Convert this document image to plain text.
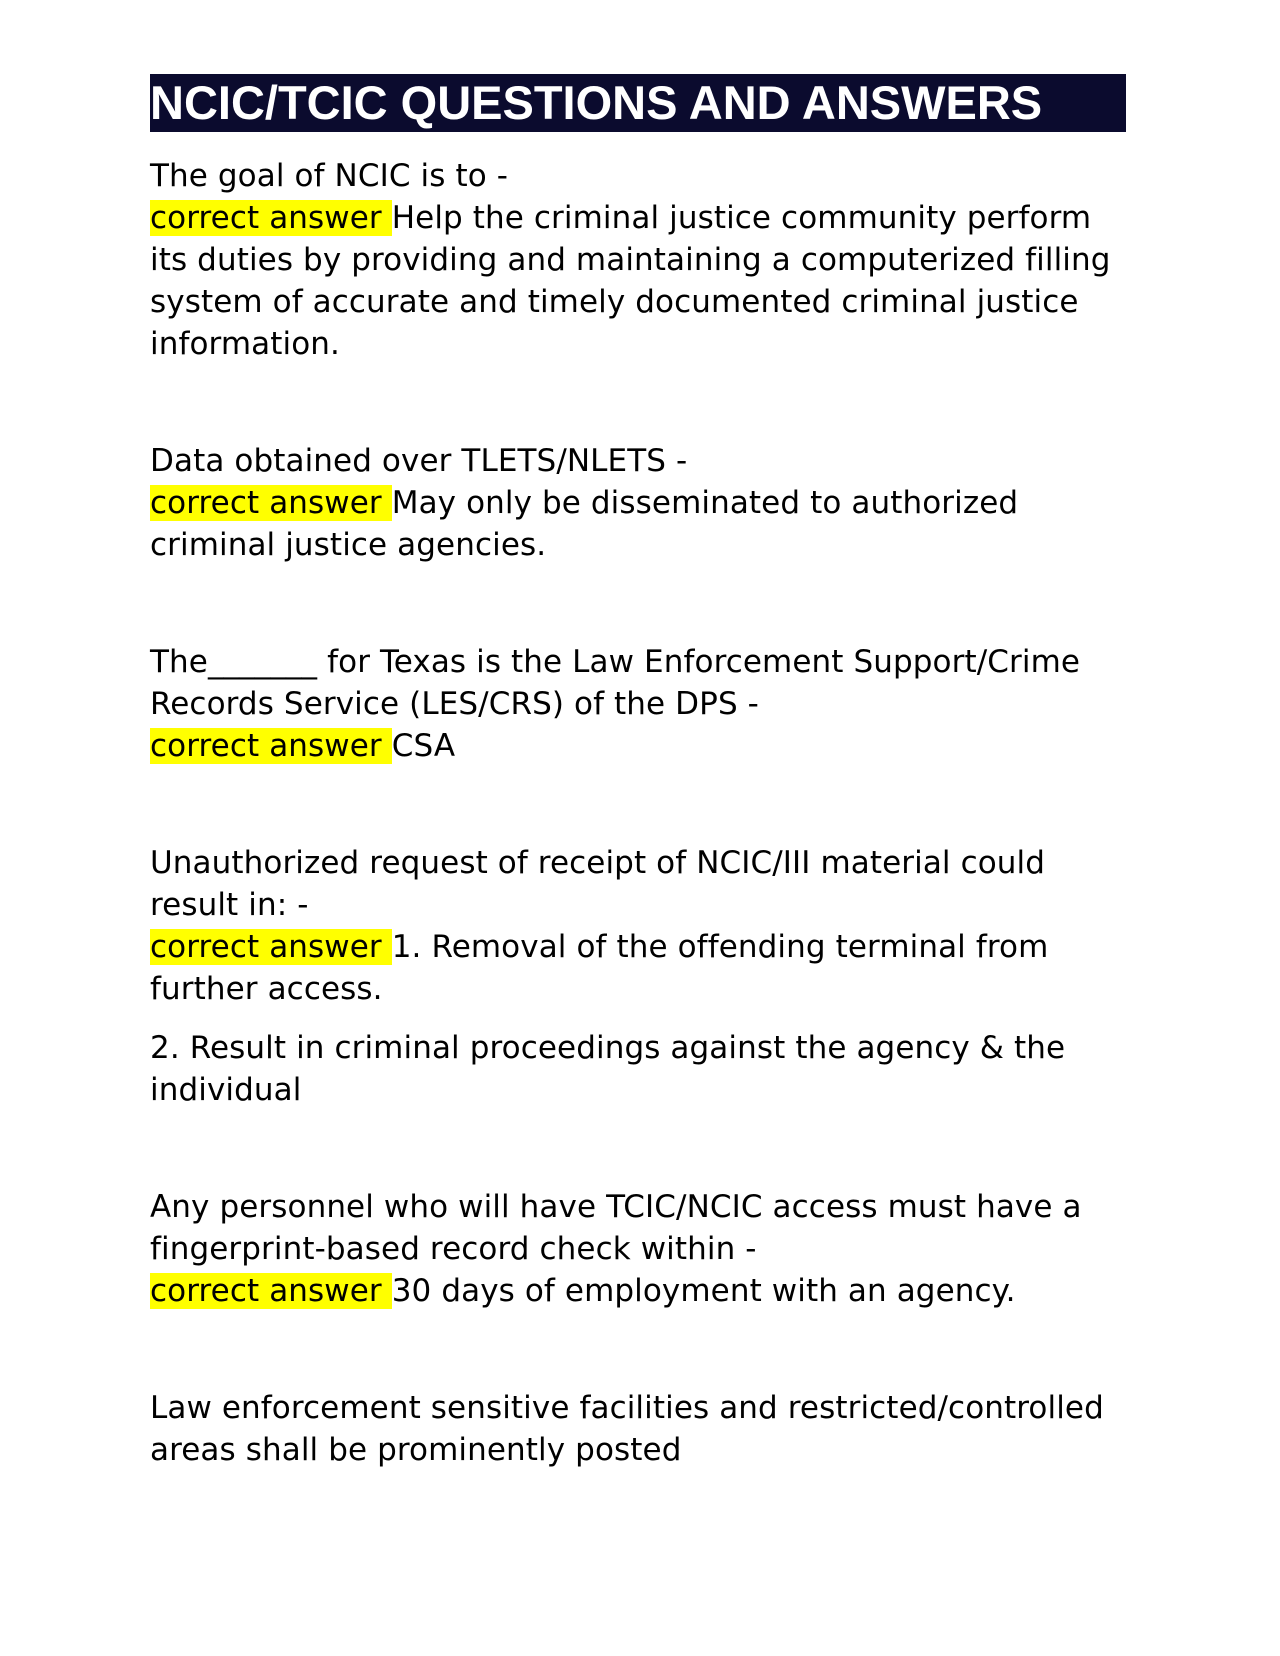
NCIC/TCIC QUESTIONS AND ANSWERS

The goal of NCIC is to -

correct answer Help the criminal justice community perform its duties by providing and maintaining a computerized filling system of accurate and timely documented criminal justice information.

Data obtained over TLETS/NLETS -

correct answer May only be disseminated to authorized criminal justice agencies.

The_______ for Texas is the Law Enforcement Support/Crime Records Service (LES/CRS) of the DPS -

correct answer CSA

Unauthorized request of receipt of NCIC/III material could result in: -

correct answer 1. Removal of the offending terminal from further access.

2. Result in criminal proceedings against the agency & the individual

Any personnel who will have TCIC/NCIC access must have a fingerprint-based record check within -

correct answer 30 days of employment with an agency.

Law enforcement sensitive facilities and restricted/controlled areas shall be prominently posted
